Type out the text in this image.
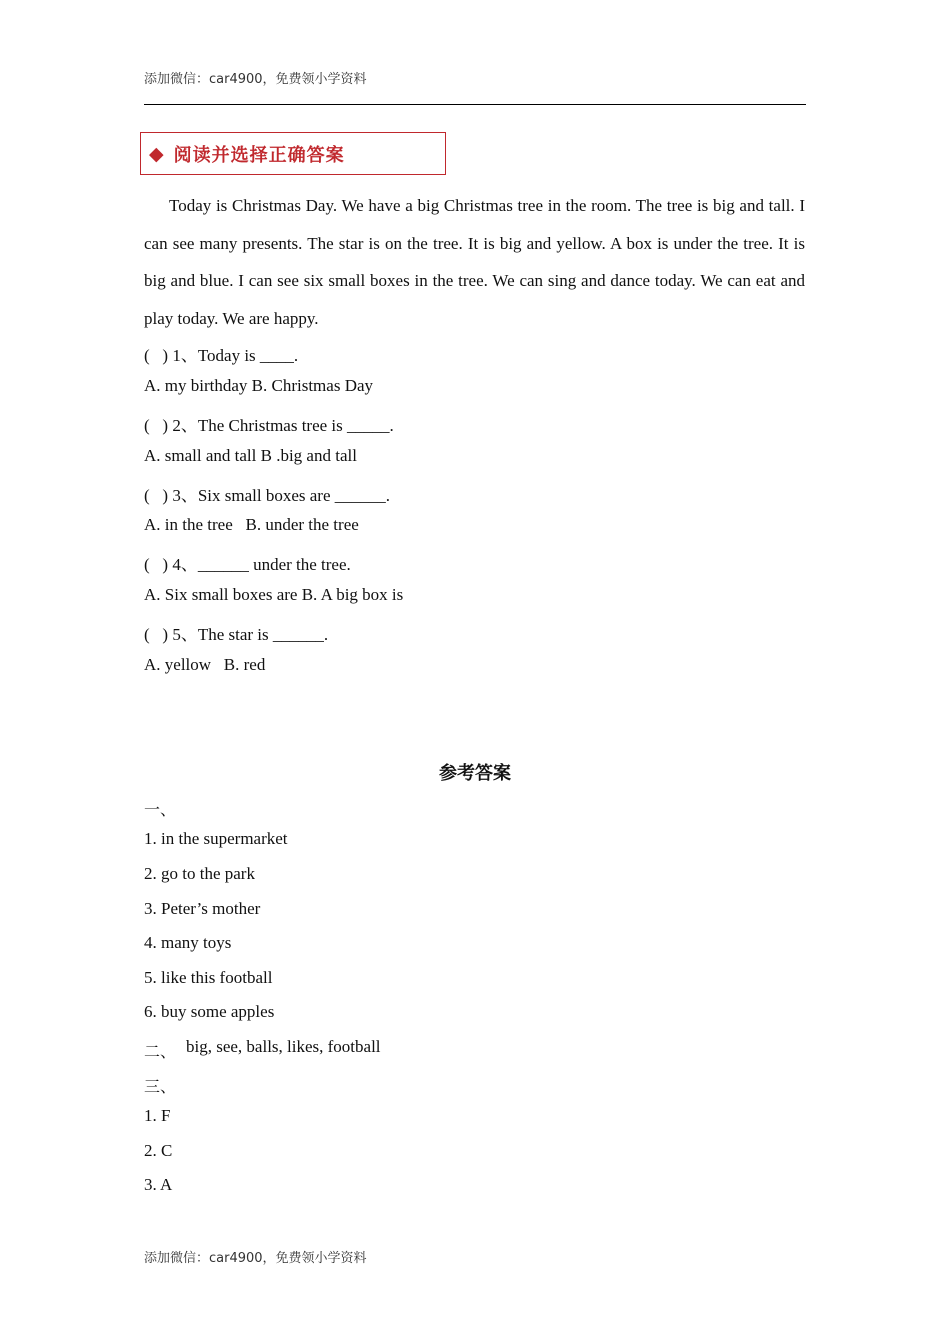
添加微信：car4900，免费领小学资料
◆ 阅读并选择正确答案

Today is Christmas Day. We have a big Christmas tree in the room. The tree is big and tall. I can see many presents. The star is on the tree. It is big and yellow. A box is under the tree. It is big and blue. I can see six small boxes in the tree. We can sing and dance today. We can eat and play today. We are happy.

(   ) 1、Today is ____.
A. my birthday B. Christmas Day
(   ) 2、The Christmas tree is _____.
A. small and tall B .big and tall
(   ) 3、Six small boxes are ______.
A. in the tree   B. under the tree
(   ) 4、______ under the tree.
A. Six small boxes are B. A big box is
(   ) 5、The star is ______.
A. yellow   B. red
参考答案
一、
1. in the supermarket
2. go to the park
3. Peter’s mother
4. many toys
5. like this football
6. buy some apples
二、 big, see, balls, likes, football
三、
1. F
2. C
3. A
添加微信：car4900，免费领小学资料
